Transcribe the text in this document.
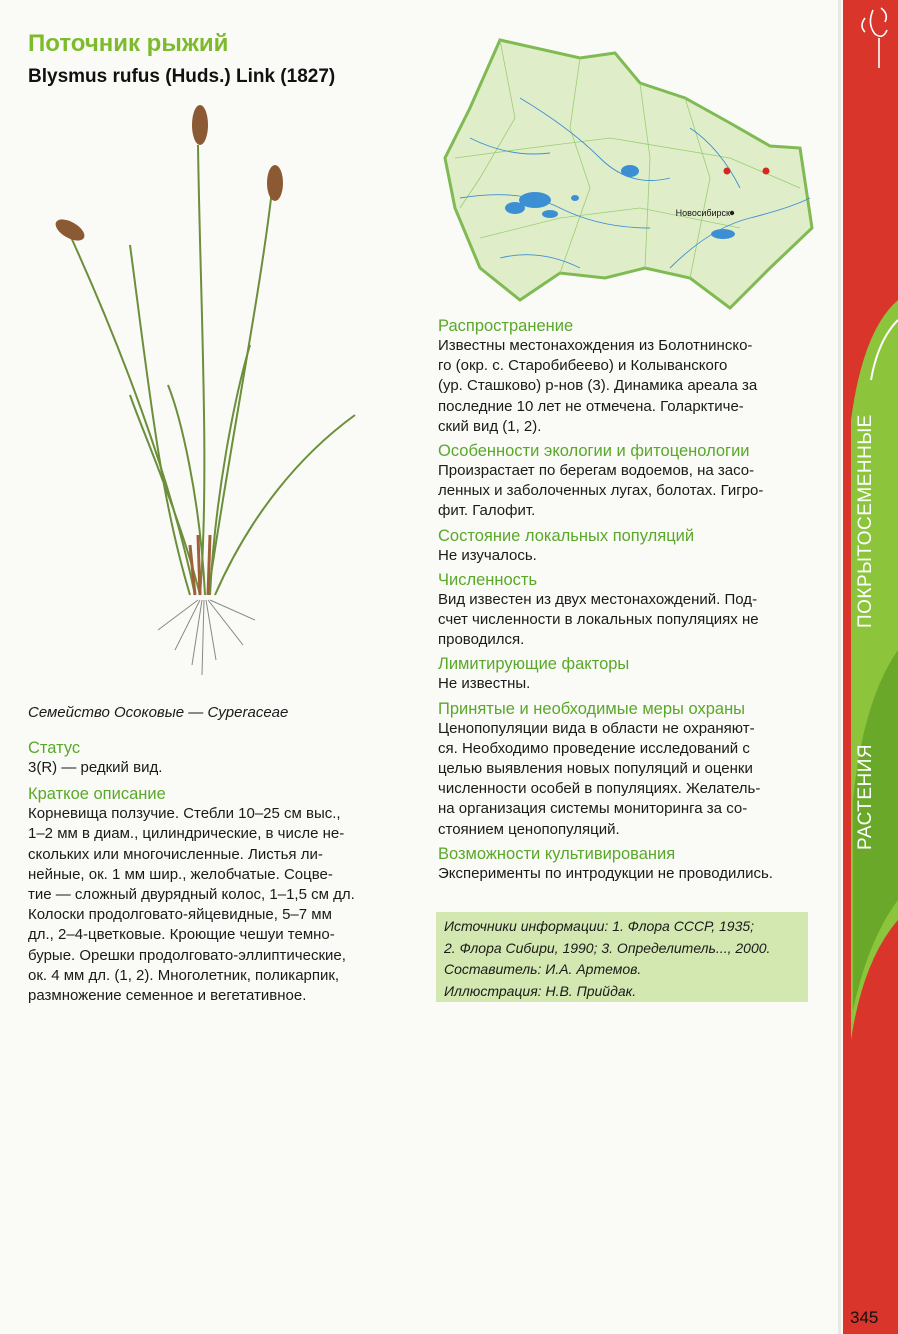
Поточник рыжий
Blysmus rufus (Huds.) Link (1827)
Семейство Осоковые — Cyperaceae
Статус
3(R) — редкий вид.
Краткое описание
Корневища ползучие. Стебли 10–25 см выс.,
1–2 мм в диам., цилиндрические, в числе не-
скольких или многочисленные. Листья ли-
нейные, ок. 1 мм шир., желобчатые. Соцве-
тие — сложный двурядный колос, 1–1,5 см дл.
Колоски продолговато-яйцевидные, 5–7 мм
дл., 2–4-цветковые. Кроющие чешуи темно-
бурые. Орешки продолговато-эллиптические,
ок. 4 мм дл. (1, 2). Многолетник, поликарпик,
размножение семенное и вегетативное.
Новосибирск
Распространение
Известны местонахождения из Болотнинско-
го (окр. с. Старобибеево) и Колыванского
(ур. Сташково) р-нов (3). Динамика ареала за
последние 10 лет не отмечена. Голарктиче-
ский вид (1, 2).
Особенности экологии и фитоценологии
Произрастает по берегам водоемов, на засо-
ленных и заболоченных лугах, болотах. Гигро-
фит. Галофит.
Состояние локальных популяций
Не изучалось.
Численность
Вид известен из двух местонахождений. Под-
счет численности в локальных популяциях не
проводился.
Лимитирующие факторы
Не известны.
Принятые и необходимые меры охраны
Ценопопуляции вида в области не охраняют-
ся. Необходимо проведение исследований с
целью выявления новых популяций и оценки
численности особей в популяциях. Желатель-
на организация системы мониторинга за со-
стоянием ценопопуляций.
Возможности культивирования
Эксперименты по интродукции не проводились.
Источники информации: 1. Флора СССР, 1935;
2. Флора Сибири, 1990; 3. Определитель..., 2000.
Составитель: И.А. Артемов.
Иллюстрация: Н.В. Прийдак.
ПОКРЫТОСЕМЕННЫЕ
РАСТЕНИЯ
345
